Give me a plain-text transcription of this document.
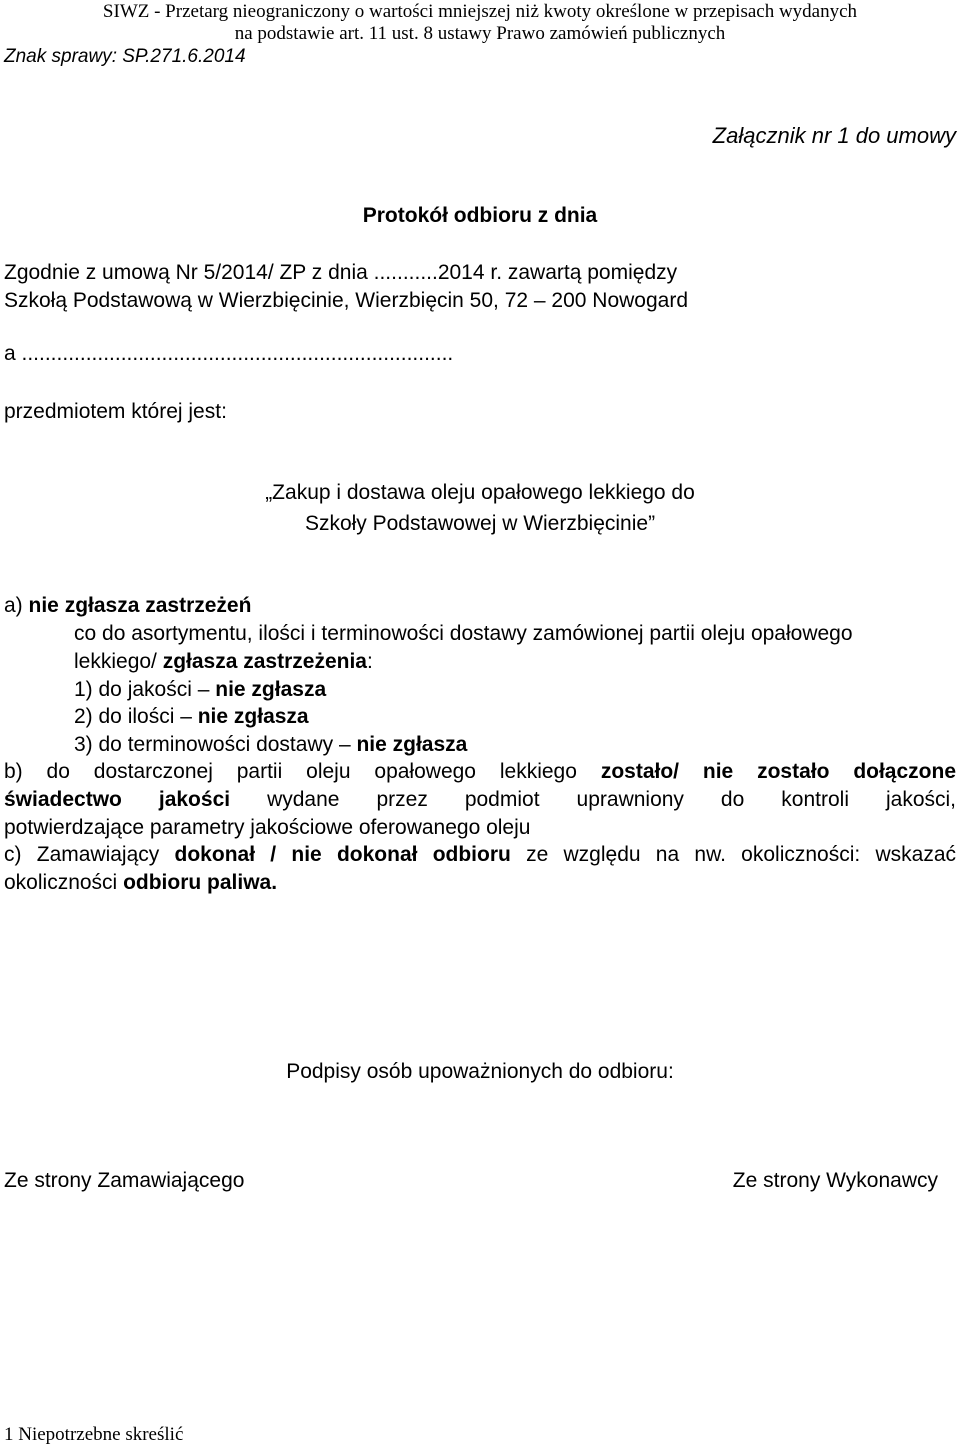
SIWZ - Przetarg nieograniczony o wartości mniejszej niż kwoty określone w przepisach wydanych
na podstawie art. 11 ust. 8 ustawy Prawo zamówień publicznych
Znak sprawy: SP.271.6.2014
Załącznik nr 1 do umowy
Protokół odbioru z dnia
Zgodnie z umową Nr 5/2014/ ZP z dnia ...........2014 r. zawartą pomiędzy
Szkołą Podstawową w Wierzbięcinie, Wierzbięcin 50, 72 – 200 Nowogard
a ..........................................................................
przedmiotem której jest:
„Zakup i dostawa oleju opałowego lekkiego do
Szkoły Podstawowej w Wierzbięcinie”
a) nie zgłasza zastrzeżeń
co do asortymentu, ilości i terminowości dostawy zamówionej partii oleju opałowego
lekkiego/ zgłasza zastrzeżenia:
1) do jakości – nie zgłasza
2) do ilości – nie zgłasza
3) do terminowości dostawy – nie zgłasza
b) do dostarczonej partii oleju opałowego lekkiego zostało/ nie zostało dołączone
świadectwo jakości wydane przez podmiot uprawniony do kontroli jakości,
potwierdzające parametry jakościowe oferowanego oleju
c) Zamawiający dokonał / nie dokonał odbioru ze względu na nw. okoliczności: wskazać
okoliczności odbioru paliwa.
Podpisy osób upoważnionych do odbioru:
Ze strony Zamawiającego	Ze strony Wykonawcy
1 Niepotrzebne skreślić
